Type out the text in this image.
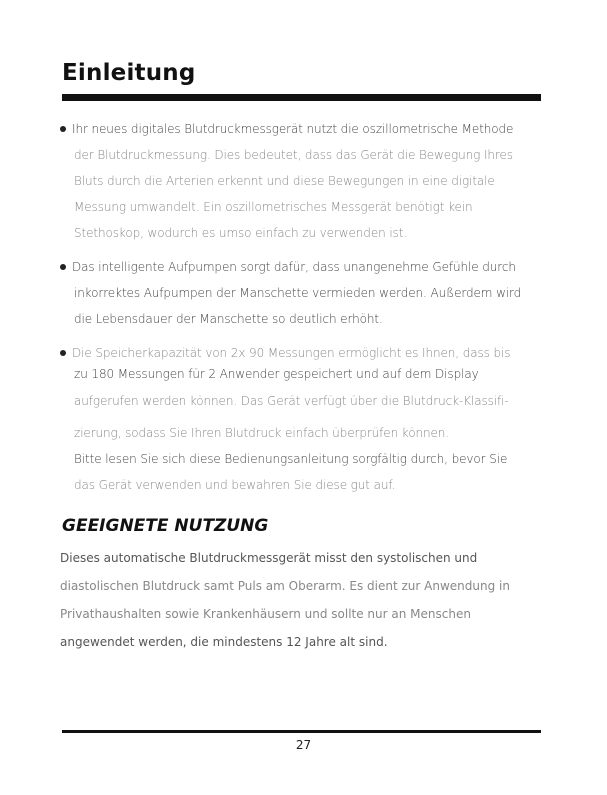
Einleitung
Ihr neues digitales Blutdruckmessgerät nutzt die oszillometrische Methode
der Blutdruckmessung. Dies bedeutet, dass das Gerät die Bewegung Ihres
Bluts durch die Arterien erkennt und diese Bewegungen in eine digitale
Messung umwandelt. Ein oszillometrisches Messgerät benötigt kein
Stethoskop, wodurch es umso einfach zu verwenden ist.
Das intelligente Aufpumpen sorgt dafür, dass unangenehme Gefühle durch
inkorrektes Aufpumpen der Manschette vermieden werden. Außerdem wird
die Lebensdauer der Manschette so deutlich erhöht.
Die Speicherkapazität von 2x 90 Messungen ermöglicht es Ihnen, dass bis
zu 180 Messungen für 2 Anwender gespeichert und auf dem Display
aufgerufen werden können. Das Gerät verfügt über die Blutdruck-Klassifi-
zierung, sodass Sie Ihren Blutdruck einfach überprüfen können.
Bitte lesen Sie sich diese Bedienungsanleitung sorgfältig durch, bevor Sie
das Gerät verwenden und bewahren Sie diese gut auf.
GEEIGNETE NUTZUNG
Dieses automatische Blutdruckmessgerät misst den systolischen und
diastolischen Blutdruck samt Puls am Oberarm. Es dient zur Anwendung in
Privathaushalten sowie Krankenhäusern und sollte nur an Menschen
angewendet werden, die mindestens 12 Jahre alt sind.
27
